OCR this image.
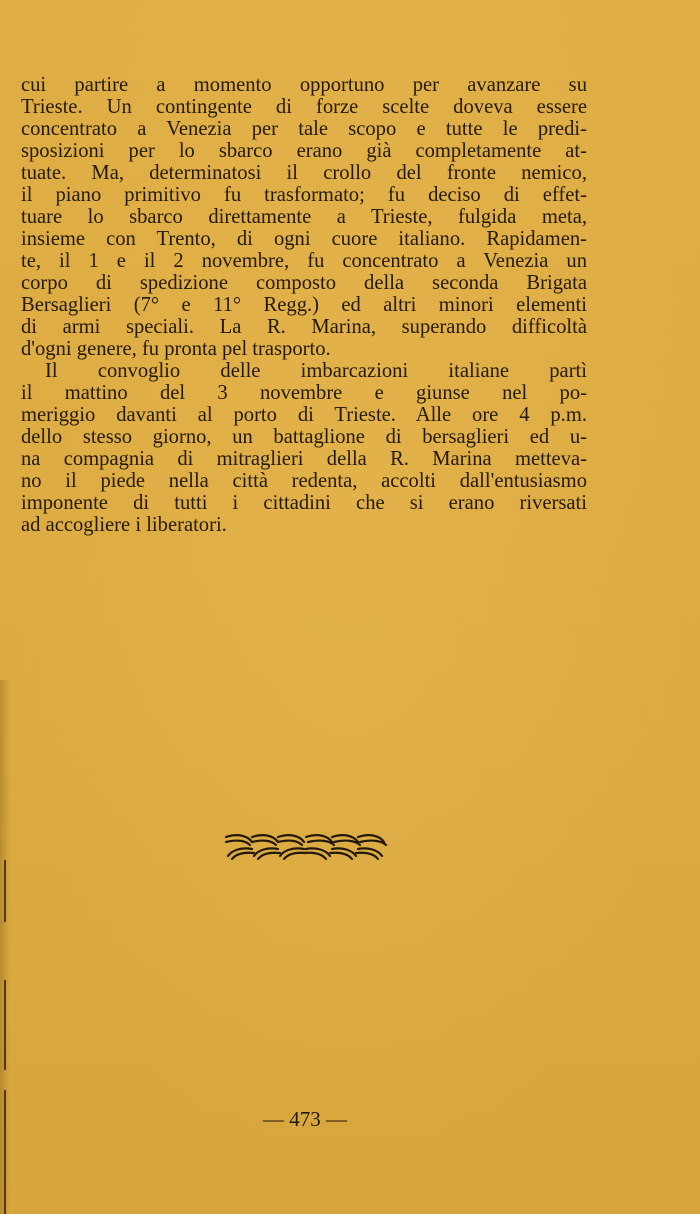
cui partire a momento opportuno per avanzare su
Trieste. Un contingente di forze scelte doveva essere
concentrato a Venezia per tale scopo e tutte le predi-
sposizioni per lo sbarco erano già completamente at-
tuate. Ma, determinatosi il crollo del fronte nemico,
il piano primitivo fu trasformato; fu deciso di effet-
tuare lo sbarco direttamente a Trieste, fulgida meta,
insieme con Trento, di ogni cuore italiano. Rapidamen-
te, il 1 e il 2 novembre, fu concentrato a Venezia un
corpo di spedizione composto della seconda Brigata
Bersaglieri (7° e 11° Regg.) ed altri minori elementi
di armi speciali. La R. Marina, superando difficoltà
d'ogni genere, fu pronta pel trasporto.
Il convoglio delle imbarcazioni italiane partì
il mattino del 3 novembre e giunse nel po-
meriggio davanti al porto di Trieste. Alle ore 4 p.m.
dello stesso giorno, un battaglione di bersaglieri ed u-
na compagnia di mitraglieri della R. Marina metteva-
no il piede nella città redenta, accolti dall'entusiasmo
imponente di tutti i cittadini che si erano riversati
ad accogliere i liberatori.
— 473 —
